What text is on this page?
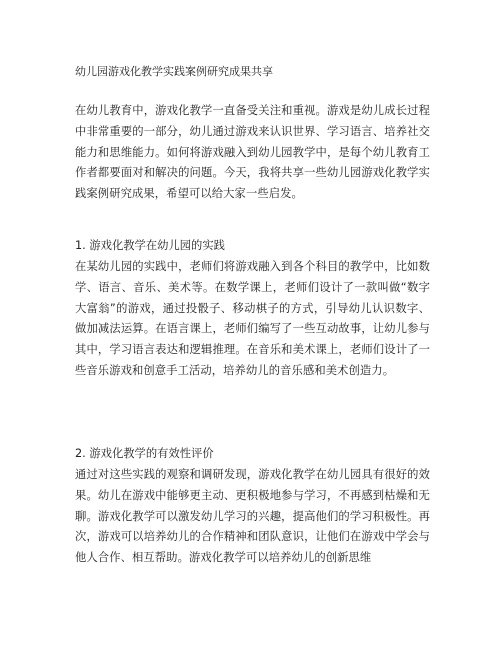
幼儿园游戏化教学实践案例研究成果共享

在幼儿教育中，游戏化教学一直备受关注和重视。游戏是幼儿成长过程中非常重要的一部分，幼儿通过游戏来认识世界、学习语言、培养社交能力和思维能力。如何将游戏融入到幼儿园教学中，是每个幼儿教育工作者都要面对和解决的问题。今天，我将共享一些幼儿园游戏化教学实践案例研究成果，希望可以给大家一些启发。

1. 游戏化教学在幼儿园的实践

在某幼儿园的实践中，老师们将游戏融入到各个科目的教学中，比如数学、语言、音乐、美术等。在数学课上，老师们设计了一款叫做“数字大富翁”的游戏，通过投骰子、移动棋子的方式，引导幼儿认识数字、做加减法运算。在语言课上，老师们编写了一些互动故事，让幼儿参与其中，学习语言表达和逻辑推理。在音乐和美术课上，老师们设计了一些音乐游戏和创意手工活动，培养幼儿的音乐感和美术创造力。

2. 游戏化教学的有效性评价

通过对这些实践的观察和调研发现，游戏化教学在幼儿园具有很好的效果。幼儿在游戏中能够更主动、更积极地参与学习，不再感到枯燥和无聊。游戏化教学可以激发幼儿学习的兴趣，提高他们的学习积极性。再次，游戏可以培养幼儿的合作精神和团队意识，让他们在游戏中学会与他人合作、相互帮助。游戏化教学可以培养幼儿的创新思维
